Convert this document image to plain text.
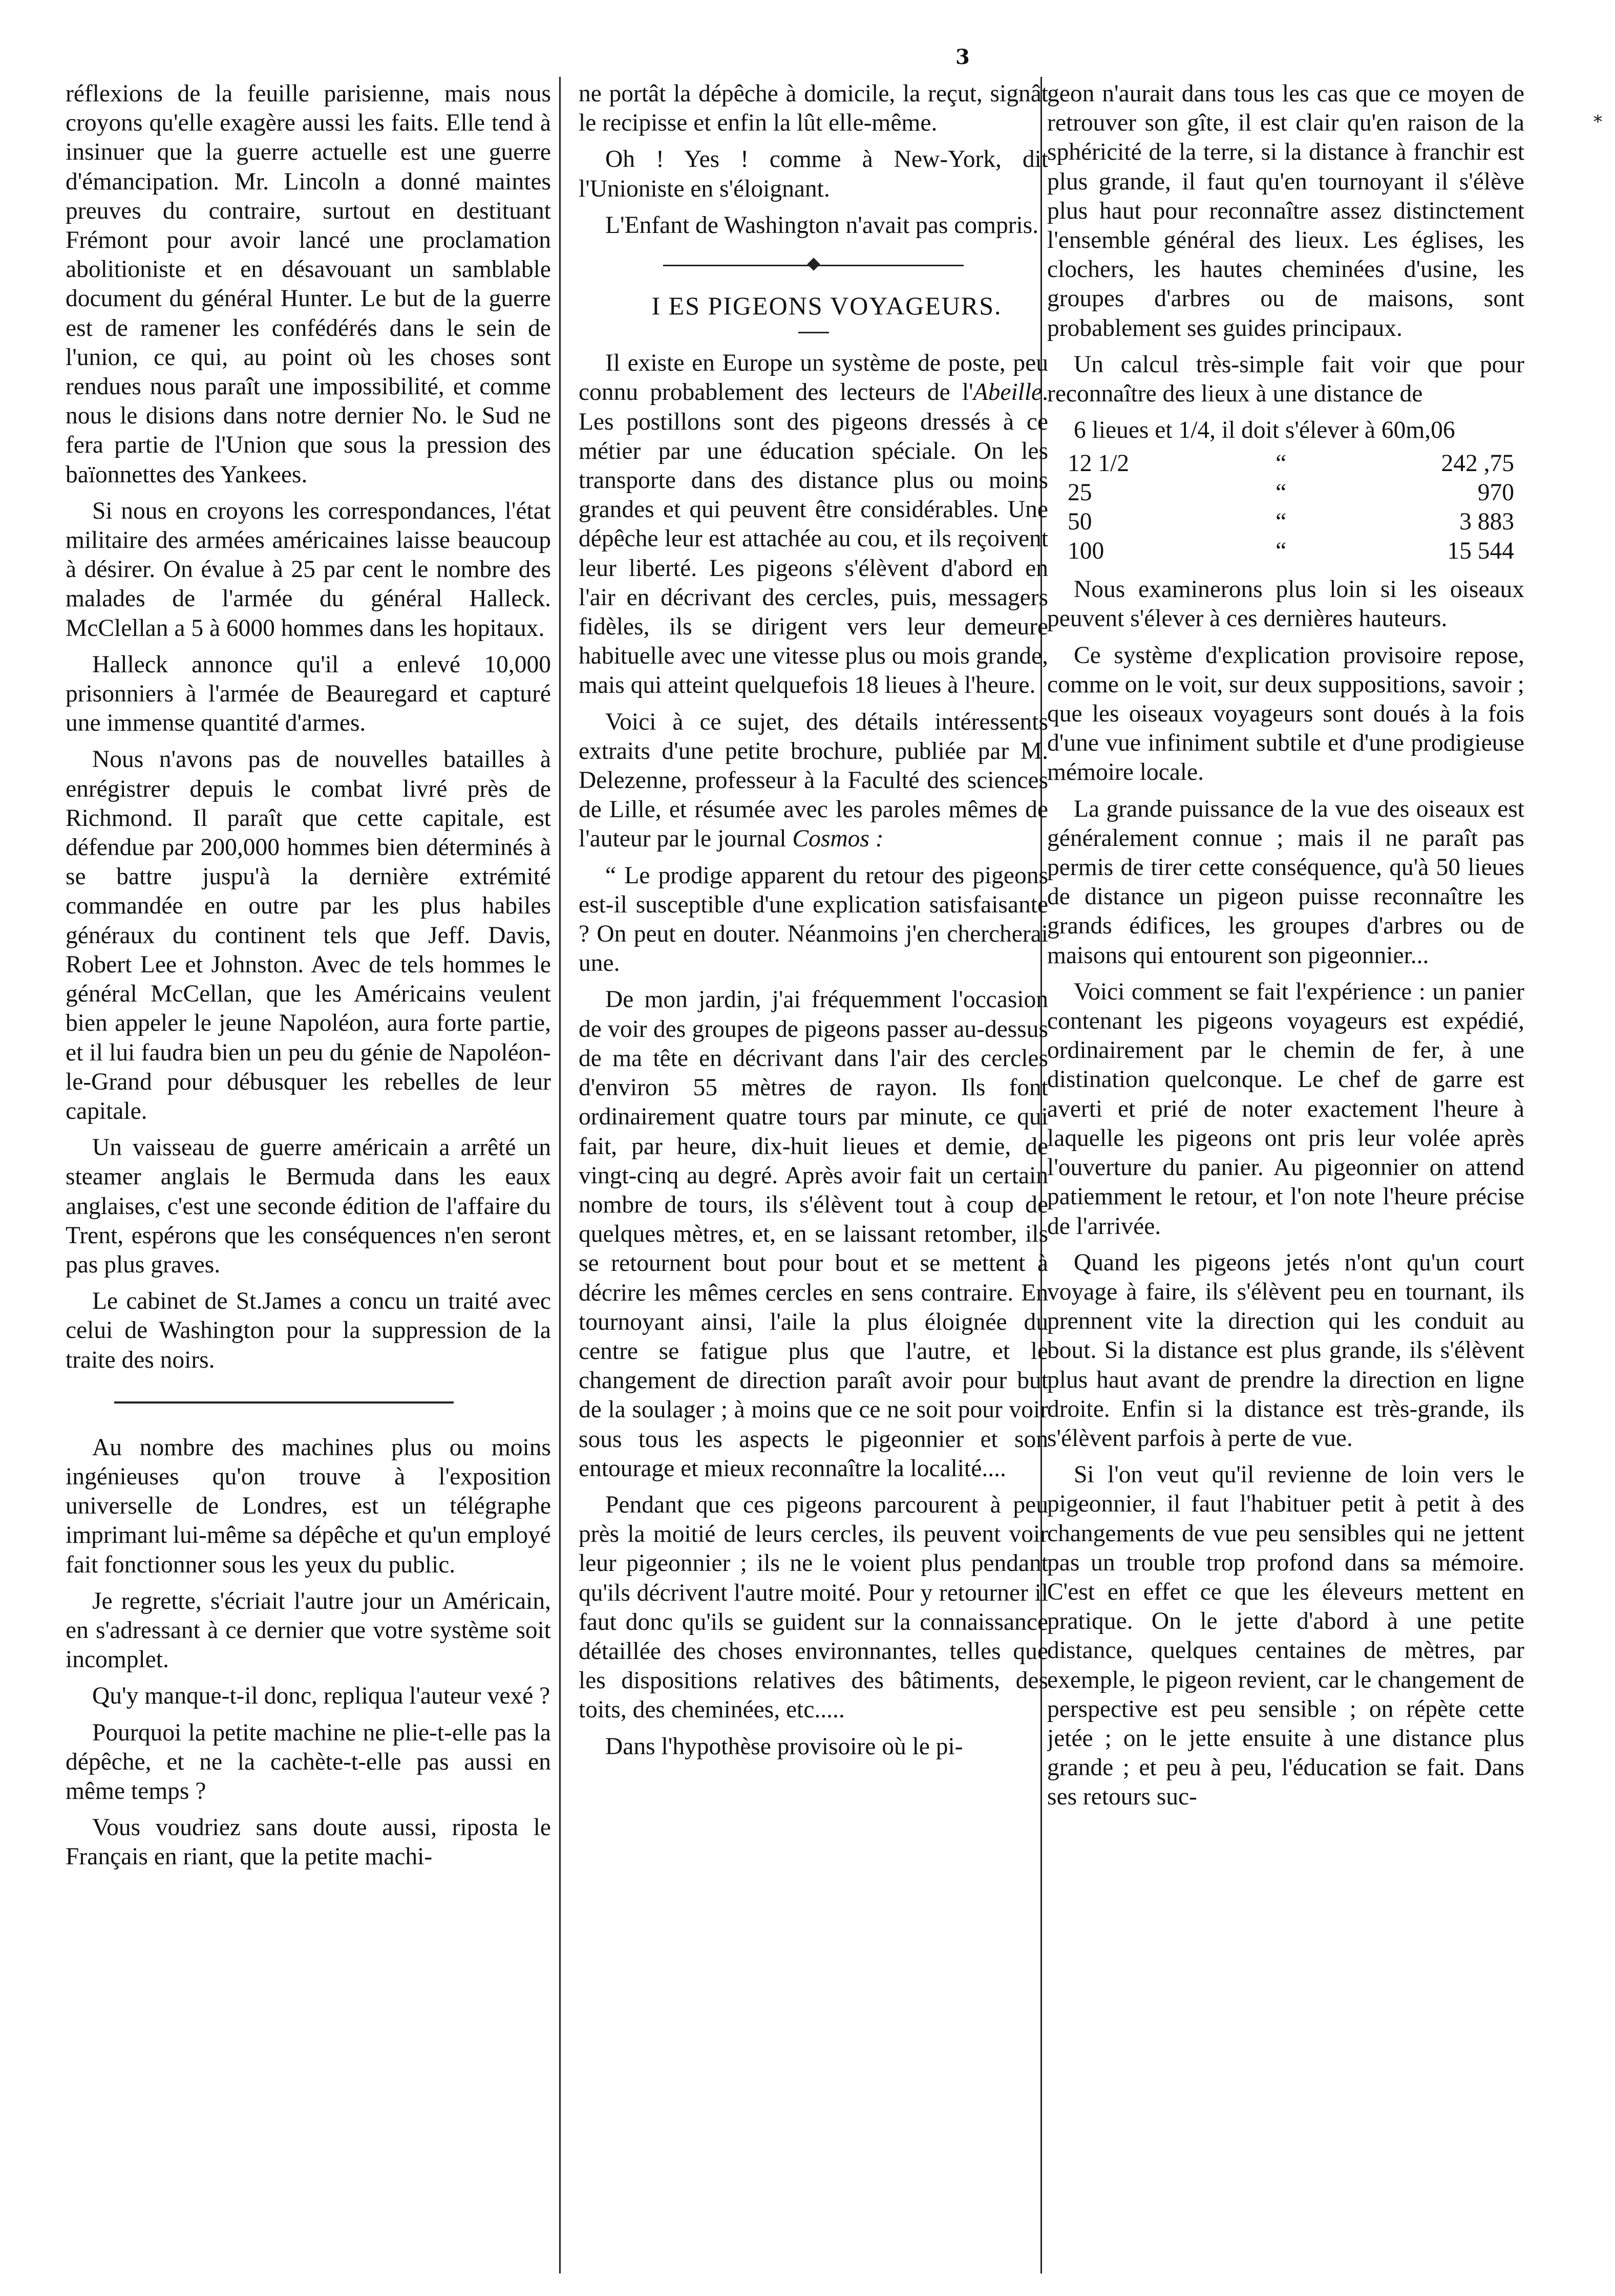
3
*

réflexions de la feuille parisienne, mais nous croyons qu'elle exagère aussi les faits. Elle tend à insinuer que la guerre actuelle est une guerre d'émancipation. Mr. Lincoln a donné maintes preuves du contraire, surtout en destituant Frémont pour avoir lancé une proclamation abolitioniste et en désavouant un samblable document du général Hunter. Le but de la guerre est de ramener les confédérés dans le sein de l'union, ce qui, au point où les choses sont rendues nous paraît une impossibilité, et comme nous le disions dans notre dernier No. le Sud ne fera partie de l'Union que sous la pression des baïonnettes des Yankees.

Si nous en croyons les correspondances, l'état militaire des armées américaines laisse beaucoup à désirer. On évalue à 25 par cent le nombre des malades de l'armée du général Halleck. McClellan a 5 à 6000 hommes dans les hopitaux.

Halleck annonce qu'il a enlevé 10,000 prisonniers à l'armée de Beauregard et capturé une immense quantité d'armes.

Nous n'avons pas de nouvelles batailles à enrégistrer depuis le combat livré près de Richmond. Il paraît que cette capitale, est défendue par 200,000 hommes bien déterminés à se battre juspu'à la dernière extrémité commandée en outre par les plus habiles généraux du continent tels que Jeff. Davis, Robert Lee et Johnston. Avec de tels hommes le général McCellan, que les Américains veulent bien appeler le jeune Napoléon, aura forte partie, et il lui faudra bien un peu du génie de Napoléon-le-Grand pour débusquer les rebelles de leur capitale.

Un vaisseau de guerre américain a arrêté un steamer anglais le Bermuda dans les eaux anglaises, c'est une seconde édition de l'affaire du Trent, espérons que les conséquences n'en seront pas plus graves.

Le cabinet de St.James a concu un traité avec celui de Washington pour la suppression de la traite des noirs.

Au nombre des machines plus ou moins ingénieuses qu'on trouve à l'exposition universelle de Londres, est un télégraphe imprimant lui-même sa dépêche et qu'un employé fait fonctionner sous les yeux du public.

Je regrette, s'écriait l'autre jour un Américain, en s'adressant à ce dernier que votre système soit incomplet.

Qu'y manque-t-il donc, repliqua l'auteur vexé ?

Pourquoi la petite machine ne plie-t-elle pas la dépêche, et ne la cachète-t-elle pas aussi en même temps ?

Vous voudriez sans doute aussi, riposta le Français en riant, que la petite machi-

ne portât la dépêche à domicile, la reçut, signât le recipisse et enfin la lût elle-même.

Oh ! Yes ! comme à New-York, dit l'Unioniste en s'éloignant.

L'Enfant de Washington n'avait pas compris.

I ES PIGEONS VOYAGEURS.

Il existe en Europe un système de poste, peu connu probablement des lecteurs de l'Abeille. Les postillons sont des pigeons dressés à ce métier par une éducation spéciale. On les transporte dans des distance plus ou moins grandes et qui peuvent être considérables. Une dépêche leur est attachée au cou, et ils reçoivent leur liberté. Les pigeons s'élèvent d'abord en l'air en décrivant des cercles, puis, messagers fidèles, ils se dirigent vers leur demeure habituelle avec une vitesse plus ou mois grande, mais qui atteint quelquefois 18 lieues à l'heure.

Voici à ce sujet, des détails intéressents extraits d'une petite brochure, publiée par M. Delezenne, professeur à la Faculté des sciences de Lille, et résumée avec les paroles mêmes de l'auteur par le journal Cosmos :

“ Le prodige apparent du retour des pigeons est-il susceptible d'une explication satisfaisante ? On peut en douter. Néanmoins j'en chercherai une.

De mon jardin, j'ai fréquemment l'occasion de voir des groupes de pigeons passer au-dessus de ma tête en décrivant dans l'air des cercles d'environ 55 mètres de rayon. Ils font ordinairement quatre tours par minute, ce qui fait, par heure, dix-huit lieues et demie, de vingt-cinq au degré. Après avoir fait un certain nombre de tours, ils s'élèvent tout à coup de quelques mètres, et, en se laissant retomber, ils se retournent bout pour bout et se mettent à décrire les mêmes cercles en sens contraire. En tournoyant ainsi, l'aile la plus éloignée du centre se fatigue plus que l'autre, et le changement de direction paraît avoir pour but de la soulager ; à moins que ce ne soit pour voir sous tous les aspects le pigeonnier et son entourage et mieux reconnaître la localité....

Pendant que ces pigeons parcourent à peu près la moitié de leurs cercles, ils peuvent voir leur pigeonnier ; ils ne le voient plus pendant qu'ils décrivent l'autre moité. Pour y retourner il faut donc qu'ils se guident sur la connaissance détaillée des choses environnantes, telles que les dispositions relatives des bâtiments, des toits, des cheminées, etc.....

Dans l'hypothèse provisoire où le pi-

geon n'aurait dans tous les cas que ce moyen de retrouver son gîte, il est clair qu'en raison de la sphéricité de la terre, si la distance à franchir est plus grande, il faut qu'en tournoyant il s'élève plus haut pour reconnaître assez distinctement l'ensemble général des lieux. Les églises, les clochers, les hautes cheminées d'usine, les groupes d'arbres ou de maisons, sont probablement ses guides principaux.

Un calcul très-simple fait voir que pour reconnaître des lieux à une distance de

6 lieues et 1/4, il doit s'élever à 60m,06

12 1/2	“	242 ,75
25	“	970
50	“	3 883
100	“	15 544

Nous examinerons plus loin si les oiseaux peuvent s'élever à ces dernières hauteurs.

Ce système d'explication provisoire repose, comme on le voit, sur deux suppositions, savoir ; que les oiseaux voyageurs sont doués à la fois d'une vue infiniment subtile et d'une prodigieuse mémoire locale.

La grande puissance de la vue des oiseaux est généralement connue ; mais il ne paraît pas permis de tirer cette conséquence, qu'à 50 lieues de distance un pigeon puisse reconnaître les grands édifices, les groupes d'arbres ou de maisons qui entourent son pigeonnier...

Voici comment se fait l'expérience : un panier contenant les pigeons voyageurs est expédié, ordinairement par le chemin de fer, à une distination quelconque. Le chef de garre est averti et prié de noter exactement l'heure à laquelle les pigeons ont pris leur volée après l'ouverture du panier. Au pigeonnier on attend patiemment le retour, et l'on note l'heure précise de l'arrivée.

Quand les pigeons jetés n'ont qu'un court voyage à faire, ils s'élèvent peu en tournant, ils prennent vite la direction qui les conduit au bout. Si la distance est plus grande, ils s'élèvent plus haut avant de prendre la direction en ligne droite. Enfin si la distance est très-grande, ils s'élèvent parfois à perte de vue.

Si l'on veut qu'il revienne de loin vers le pigeonnier, il faut l'habituer petit à petit à des changements de vue peu sensibles qui ne jettent pas un trouble trop profond dans sa mémoire. C'est en effet ce que les éleveurs mettent en pratique. On le jette d'abord à une petite distance, quelques centaines de mètres, par exemple, le pigeon revient, car le changement de perspective est peu sensible ; on répète cette jetée ; on le jette ensuite à une distance plus grande ; et peu à peu, l'éducation se fait. Dans ses retours suc-
